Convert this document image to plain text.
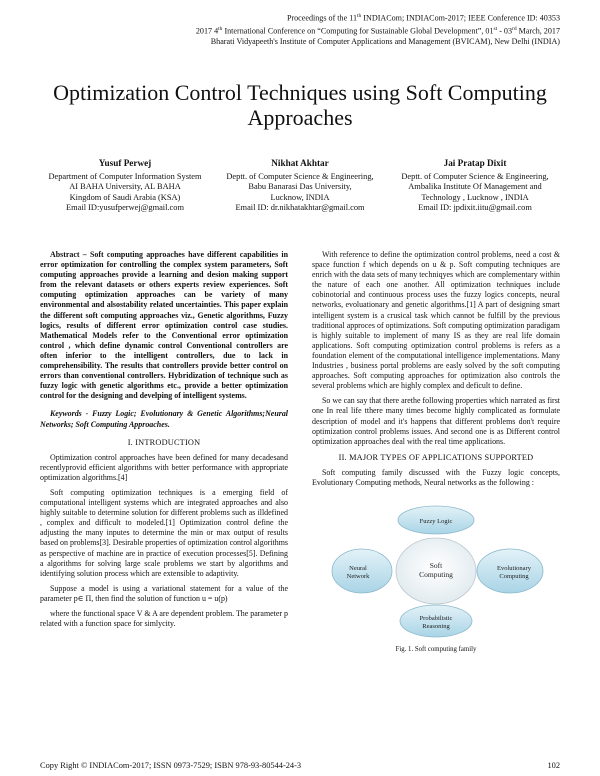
Proceedings of the 11th INDIACom; INDIACom-2017; IEEE Conference ID: 40353
2017 4th International Conference on “Computing for Sustainable Global Development”, 01st - 03rd March, 2017
Bharati Vidyapeeth's Institute of Computer Applications and Management (BVICAM), New Delhi (INDIA)
Optimization Control Techniques using Soft Computing Approaches
Yusuf Perwej
Department of Computer Information System
AI BAHA University, AL BAHA
Kingdom of Saudi Arabia (KSA)
Email ID:yusufperwej@gmail.com
Nikhat Akhtar
Deptt. of Computer Science & Engineering,
Babu Banarasi Das University,
Lucknow, INDIA
Email ID: dr.nikhatakhtar@gmail.com
Jai Pratap Dixit
Deptt. of Computer Science & Engineering,
Ambalika Institute Of Management and
Technology , Lucknow , INDIA
Email ID: jpdixit.iitu@gmail.com

Abstract – Soft computing approaches have different capabilities in error optimization for controlling the complex system parameters, Soft computing approaches provide a learning and desion making support from the relevant datasets or others experts review experiences. Soft computing optimization approaches can be variety of many environmental and alsostability related uncertainties. This paper explain the different soft computing approaches viz., Genetic algorithms, Fuzzy logics, results of different error optimization control case studies. Mathematical Models refer to the Conventional error optimization control , which define dynamic control Conventional controllers are often inferior to the intelligent controllers, due to lack in comprehensibility. The results that controllers provide better control on errors than conventional controllers. Hybridization of technique such as fuzzy logic with genetic algorithms etc., provide a better optimization control for the designing and develping of intelligent systems.

Keywords - Fuzzy Logic; Evolutionary & Genetic Algorithms;Neural Networks; Soft Computing Approaches.

I. INTRODUCTION

Optimization control approaches have been defined for many decadesand recentlyprovid efficient algorithms with better performance with appropriate optimization algorithms.[4]

Soft computing optimization techniques is a emerging field of computational intelligent systems which are integrated approaches and also highly suitable to determine solution for different problems such as illdefined , complex and difficult to modeled.[1] Optimization control define the adjusting the many inputes to determine the min or max output of results based on problems[3]. Desirable properties of optimization control algorithms as perspective of machine are in practice of execution processes[5]. Defining a algorithms for solving large scale problems we start by algorithms and identifying solution process which are extensible to adaptivity.

Suppose a model is using a variational statement for a value of the parameter p∈ Π, then find the solution of function u = u(p)

where the functional space V & A are dependent problem. The parameter p related with a function space for simlycity.

With reference to define the optimization control problems, need a cost & space function f which depends on u & p. Soft computing techniques are enrich with the data sets of many techniqyes which are complementary within the nature of each one another. All optimization techniques include cobinotorial and continuous process uses the fuzzy logics concepts, neural networks, evoluationary and genetic algorithms.[1] A part of designing smart intelligent system is a crusical task which cannot be fulfill by the previous traditional approces of optimizations. Soft computing optimization paradigam is highly suitable to implement of many IS as they are real life domain applications. Soft computing optimization control problems is refers as a foundation element of the computational intelligence implementations. Many Industries , business portal problems are easly solved by the soft computing approaches. Soft computing approaches for optimization also controls the several problems which are highly complex and deficult to define.

So we can say that there arethe following properties which narrated as first one In real life tthere many times become highly complicated as formulate description of model and it's happens that different problems don't require optimization control problems issues. And second one is as Different control optimization approaches deal with the real time applications.

II. MAJOR TYPES OF APPLICATIONS SUPPORTED

Soft computing family discussed with the Fuzzy logic concepts, Evolutionary Computing methods, Neural networks as the following :

Soft
Computing
Fuzzy Logic
Neural
Network
Evolutionary
Computing
Probabilistic
Reasoning

Fig. 1. Soft computing family

Copy Right © INDIACom-2017; ISSN 0973-7529; ISBN 978-93-80544-24-3	102
